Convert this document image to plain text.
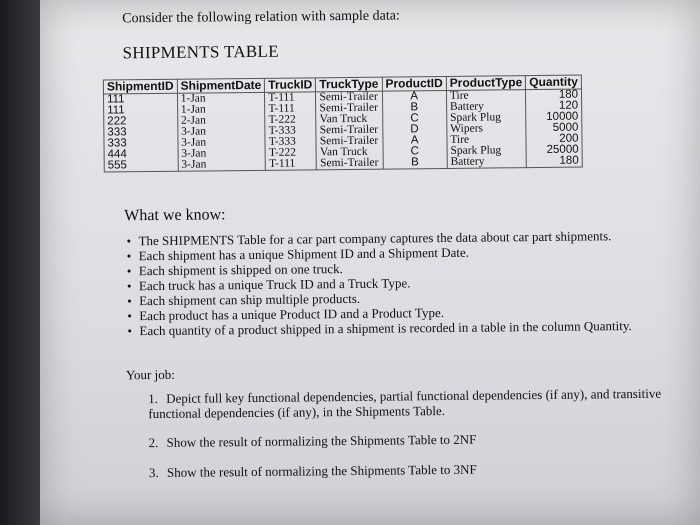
Consider the following relation with sample data:
SHIPMENTS TABLE
ShipmentID	ShipmentDate	TruckID	TruckType	ProductID	ProductType	Quantity
111	1-Jan	T-111	Semi-Trailer	A	Tire	180
111	1-Jan	T-111	Semi-Trailer	B	Battery	120
222	2-Jan	T-222	Van Truck	C	Spark Plug	10000
333	3-Jan	T-333	Semi-Trailer	D	Wipers	5000
333	3-Jan	T-333	Semi-Trailer	A	Tire	200
444	3-Jan	T-222	Van Truck	C	Spark Plug	25000
555	3-Jan	T-111	Semi-Trailer	B	Battery	180
What we know:
• The SHIPMENTS Table for a car part company captures the data about car part shipments.
• Each shipment has a unique Shipment ID and a Shipment Date.
• Each shipment is shipped on one truck.
• Each truck has a unique Truck ID and a Truck Type.
• Each shipment can ship multiple products.
• Each product has a unique Product ID and a Product Type.
• Each quantity of a product shipped in a shipment is recorded in a table in the column Quantity.
Your job:
1. Depict full key functional dependencies, partial functional dependencies (if any), and transitive functional dependencies (if any), in the Shipments Table.
2. Show the result of normalizing the Shipments Table to 2NF
3. Show the result of normalizing the Shipments Table to 3NF
